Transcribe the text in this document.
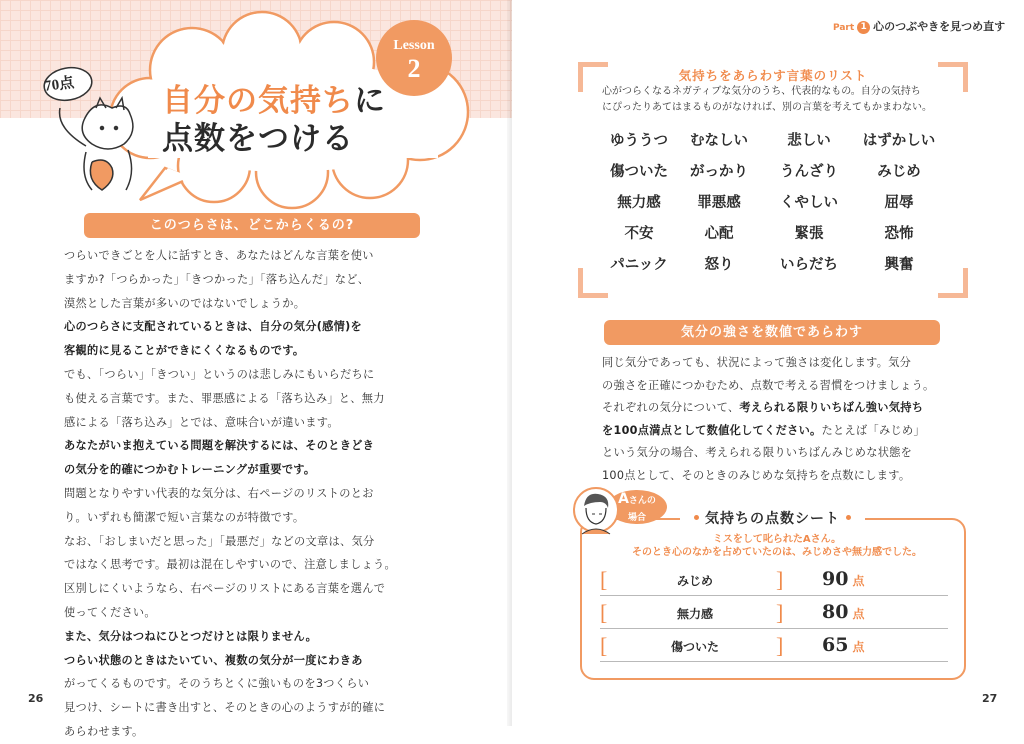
70点
Lesson
2
自分の気持ちに
点数をつける
このつらさは、どこからくるの?

つらいできごとを人に話すとき、あなたはどんな言葉を使い

ますか?「つらかった」「きつかった」「落ち込んだ」など、

漠然とした言葉が多いのではないでしょうか。

心のつらさに支配されているときは、自分の気分(感情)を

客観的に見ることができにくくなるものです。

でも、「つらい」「きつい」というのは悲しみにもいらだちに

も使える言葉です。また、罪悪感による「落ち込み」と、無力

感による「落ち込み」とでは、意味合いが違います。

あなたがいま抱えている問題を解決するには、そのときどき

の気分を的確につかむトレーニングが重要です。

問題となりやすい代表的な気分は、右ページのリストのとお

り。いずれも簡潔で短い言葉なのが特徴です。

なお、「おしまいだと思った」「最悪だ」などの文章は、気分

ではなく思考です。最初は混在しやすいので、注意しましょう。

区別しにくいようなら、右ページのリストにある言葉を選んで

使ってください。

また、気分はつねにひとつだけとは限りません。

つらい状態のときはたいてい、複数の気分が一度にわきあ

がってくるものです。そのうちとくに強いものを3つくらい

見つけ、シートに書き出すと、そのときの心のようすが的確に

あらわせます。

26
Part 1 心のつぶやきを見つめ直す
気持ちをあらわす言葉のリスト
心がつらくなるネガティブな気分のうち、代表的なもの。自分の気持ち
にぴったりあてはまるものがなければ、別の言葉を考えてもかまわない。
ゆううつ	むなしい	悲しい	はずかしい
傷ついた	がっかり	うんざり	みじめ
無力感	罪悪感	くやしい	屈辱
不安	心配	緊張	恐怖
パニック	怒り	いらだち	興奮
気分の強さを数値であらわす

同じ気分であっても、状況によって強さは変化します。気分

の強さを正確につかむため、点数で考える習慣をつけましょう。

それぞれの気分について、考えられる限りいちばん強い気持ち

を100点満点として数値化してください。たとえば「みじめ」

という気分の場合、考えられる限りいちばんみじめな状態を

100点として、そのときのみじめな気持ちを点数にします。

Aさんの
場合	気持ちの点数シート
ミスをして叱られたAさん。
そのとき心のなかを占めていたのは、みじめさや無力感でした。
[	みじめ	] 90 点
[	無力感	] 80 点
[	傷ついた	] 65 点
27
